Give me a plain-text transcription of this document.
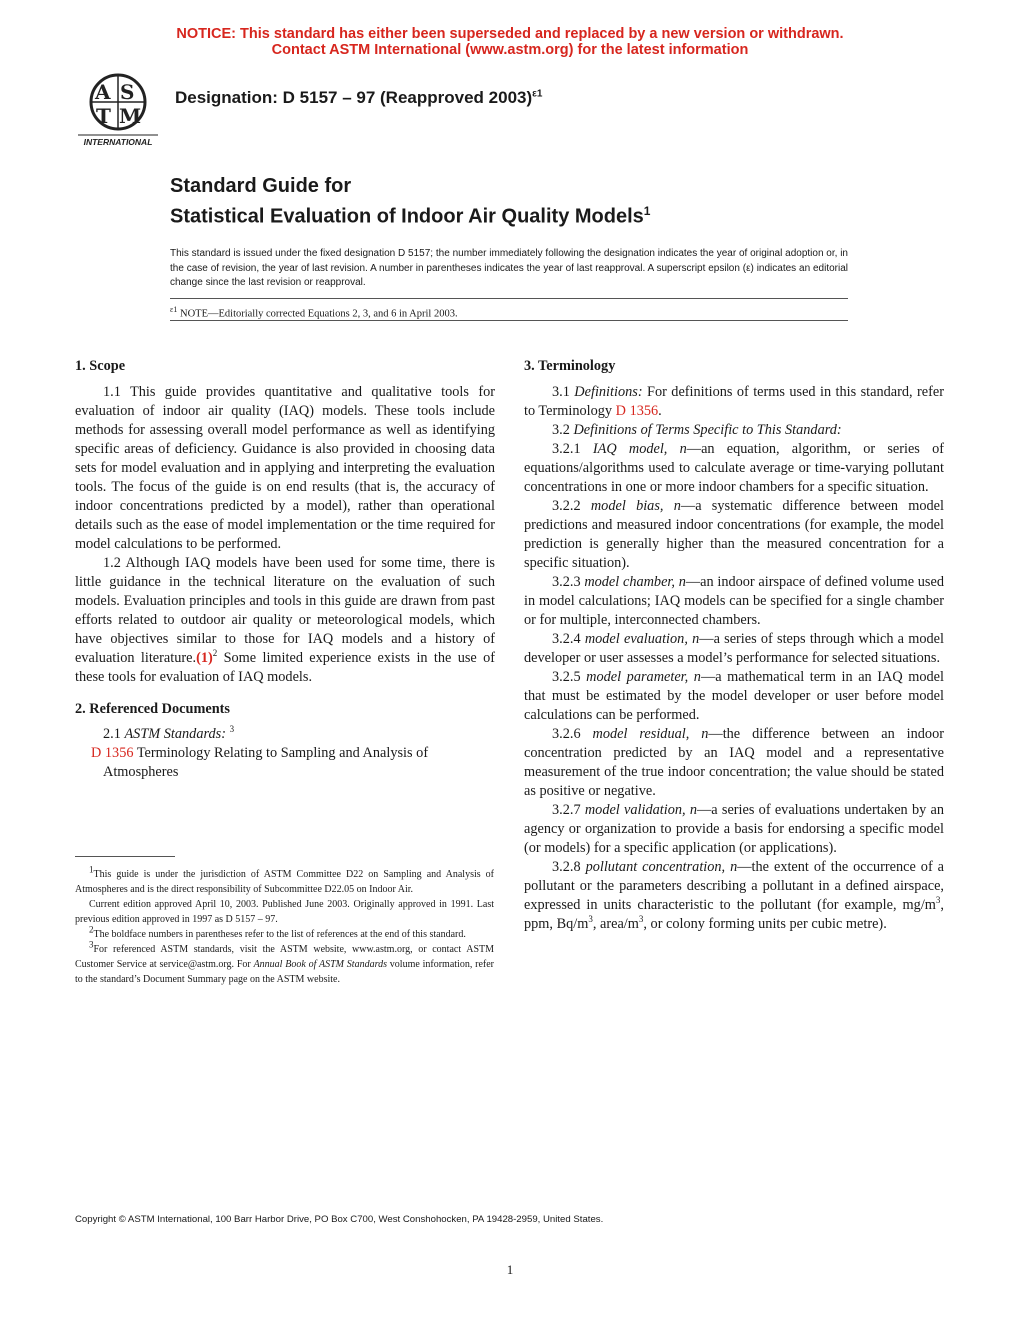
NOTICE: This standard has either been superseded and replaced by a new version or withdrawn.
Contact ASTM International (www.astm.org) for the latest information
A S
T M
INTERNATIONAL
Designation: D 5157 – 97 (Reapproved 2003)$^{\varepsilon 1}$
Standard Guide for
Statistical Evaluation of Indoor Air Quality Models$^1$
This standard is issued under the fixed designation D 5157; the number immediately following the designation indicates the year of original adoption or, in the case of revision, the year of last revision. A number in parentheses indicates the year of last reapproval. A superscript epsilon (ε) indicates an editorial change since the last revision or reapproval.
$^{\varepsilon 1}$ NOTE—Editorially corrected Equations 2, 3, and 6 in April 2003.

1. Scope

1.1 This guide provides quantitative and qualitative tools for evaluation of indoor air quality (IAQ) models. These tools include methods for assessing overall model performance as well as identifying specific areas of deficiency. Guidance is also provided in choosing data sets for model evaluation and in applying and interpreting the evaluation tools. The focus of the guide is on end results (that is, the accuracy of indoor concentrations predicted by a model), rather than operational details such as the ease of model implementation or the time required for model calculations to be performed.

1.2 Although IAQ models have been used for some time, there is little guidance in the technical literature on the evaluation of such models. Evaluation principles and tools in this guide are drawn from past efforts related to outdoor air quality or meteorological models, which have objectives similar to those for IAQ models and a history of evaluation $literature.(1)^2$ Some limited experience exists in the use of these tools for evaluation of IAQ models.

2. Referenced Documents

2.1 ASTM Standards: $^3$

D 1356 Terminology Relating to Sampling and Analysis of Atmospheres

$^1$This guide is under the jurisdiction of ASTM Committee D22 on Sampling and Analysis of Atmospheres and is the direct responsibility of Subcommittee D22.05 on Indoor Air.

Current edition approved April 10, 2003. Published June 2003. Originally approved in 1991. Last previous edition approved in 1997 as D 5157 – 97.

$^2$The boldface numbers in parentheses refer to the list of references at the end of this standard.

$^3$For referenced ASTM standards, visit the ASTM website, www.astm.org, or contact ASTM Customer Service at service@astm.org. For Annual Book of ASTM Standards volume information, refer to the standard’s Document Summary page on the ASTM website.

3. Terminology

3.1 Definitions: For definitions of terms used in this standard, refer to Terminology D 1356.

3.2 Definitions of Terms Specific to This Standard:

3.2.1 IAQ model, n—an equation, algorithm, or series of equations/algorithms used to calculate average or time-varying pollutant concentrations in one or more indoor chambers for a specific situation.

3.2.2 model bias, n—a systematic difference between model predictions and measured indoor concentrations (for example, the model prediction is generally higher than the measured concentration for a specific situation).

3.2.3 model chamber, n—an indoor airspace of defined volume used in model calculations; IAQ models can be specified for a single chamber or for multiple, interconnected chambers.

3.2.4 model evaluation, n—a series of steps through which a model developer or user assesses a model’s performance for selected situations.

3.2.5 model parameter, n—a mathematical term in an IAQ model that must be estimated by the model developer or user before model calculations can be performed.

3.2.6 model residual, n—the difference between an indoor concentration predicted by an IAQ model and a representative measurement of the true indoor concentration; the value should be stated as positive or negative.

3.2.7 model validation, n—a series of evaluations undertaken by an agency or organization to provide a basis for endorsing a specific model (or models) for a specific application (or applications).

3.2.8 pollutant concentration, n—the extent of the occurrence of a pollutant or the parameters describing a pollutant in a defined airspace, expressed in units characteristic to the pollutant (for example, $mg/m^3$, ppm, $Bq/m^3$, area/$m^3$, or colony forming units per cubic metre).

Copyright © ASTM International, 100 Barr Harbor Drive, PO Box C700, West Conshohocken, PA 19428-2959, United States.
1
